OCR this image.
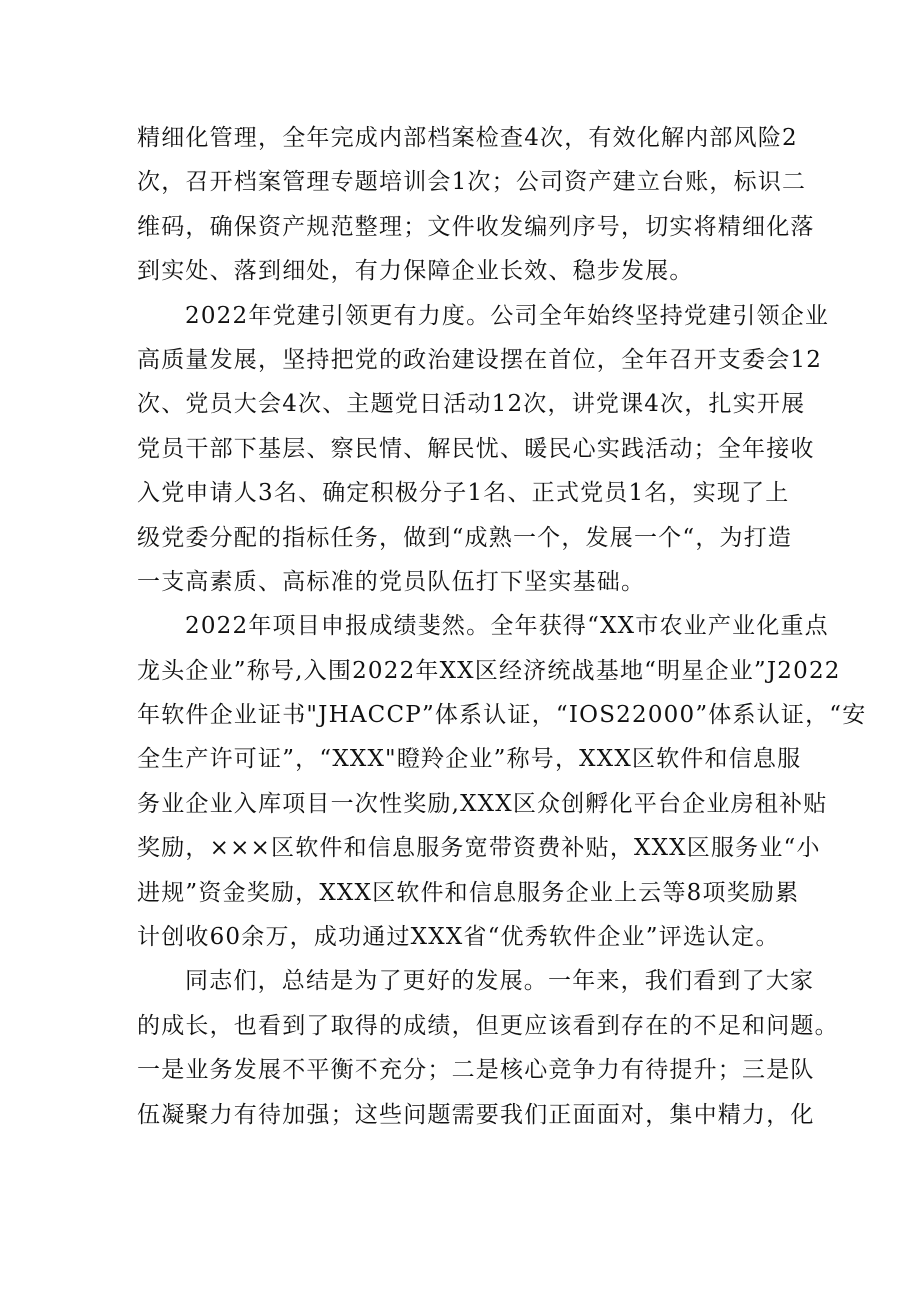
精细化管理，全年完成内部档案检查4次，有效化解内部风险2
次，召开档案管理专题培训会1次；公司资产建立台账，标识二
维码，确保资产规范整理；文件收发编列序号，切实将精细化落
到实处、落到细处，有力保障企业长效、稳步发展。
2022年党建引领更有力度。公司全年始终坚持党建引领企业
高质量发展，坚持把党的政治建设摆在首位，全年召开支委会12
次、党员大会4次、主题党日活动12次，讲党课4次，扎实开展
党员干部下基层、察民情、解民忧、暖民心实践活动；全年接收
入党申请人3名、确定积极分子1名、正式党员1名，实现了上
级党委分配的指标任务，做到“成熟一个，发展一个“，为打造
一支高素质、高标准的党员队伍打下坚实基础。
2022年项目申报成绩斐然。全年获得“XX市农业产业化重点
龙头企业”称号,入围2022年XX区经济统战基地“明星企业”J2022
年软件企业证书"JHACCP”体系认证，“IOS22000”体系认证，“安
全生产许可证”，“XXX"瞪羚企业”称号，XXX区软件和信息服
务业企业入库项目一次性奖励,XXX区众创孵化平台企业房租补贴
奖励，×××区软件和信息服务宽带资费补贴，XXX区服务业“小
进规”资金奖励，XXX区软件和信息服务企业上云等8项奖励累
计创收60余万，成功通过XXX省“优秀软件企业”评选认定。
同志们，总结是为了更好的发展。一年来，我们看到了大家
的成长，也看到了取得的成绩，但更应该看到存在的不足和问题。
一是业务发展不平衡不充分；二是核心竞争力有待提升；三是队
伍凝聚力有待加强；这些问题需要我们正面面对，集中精力，化
